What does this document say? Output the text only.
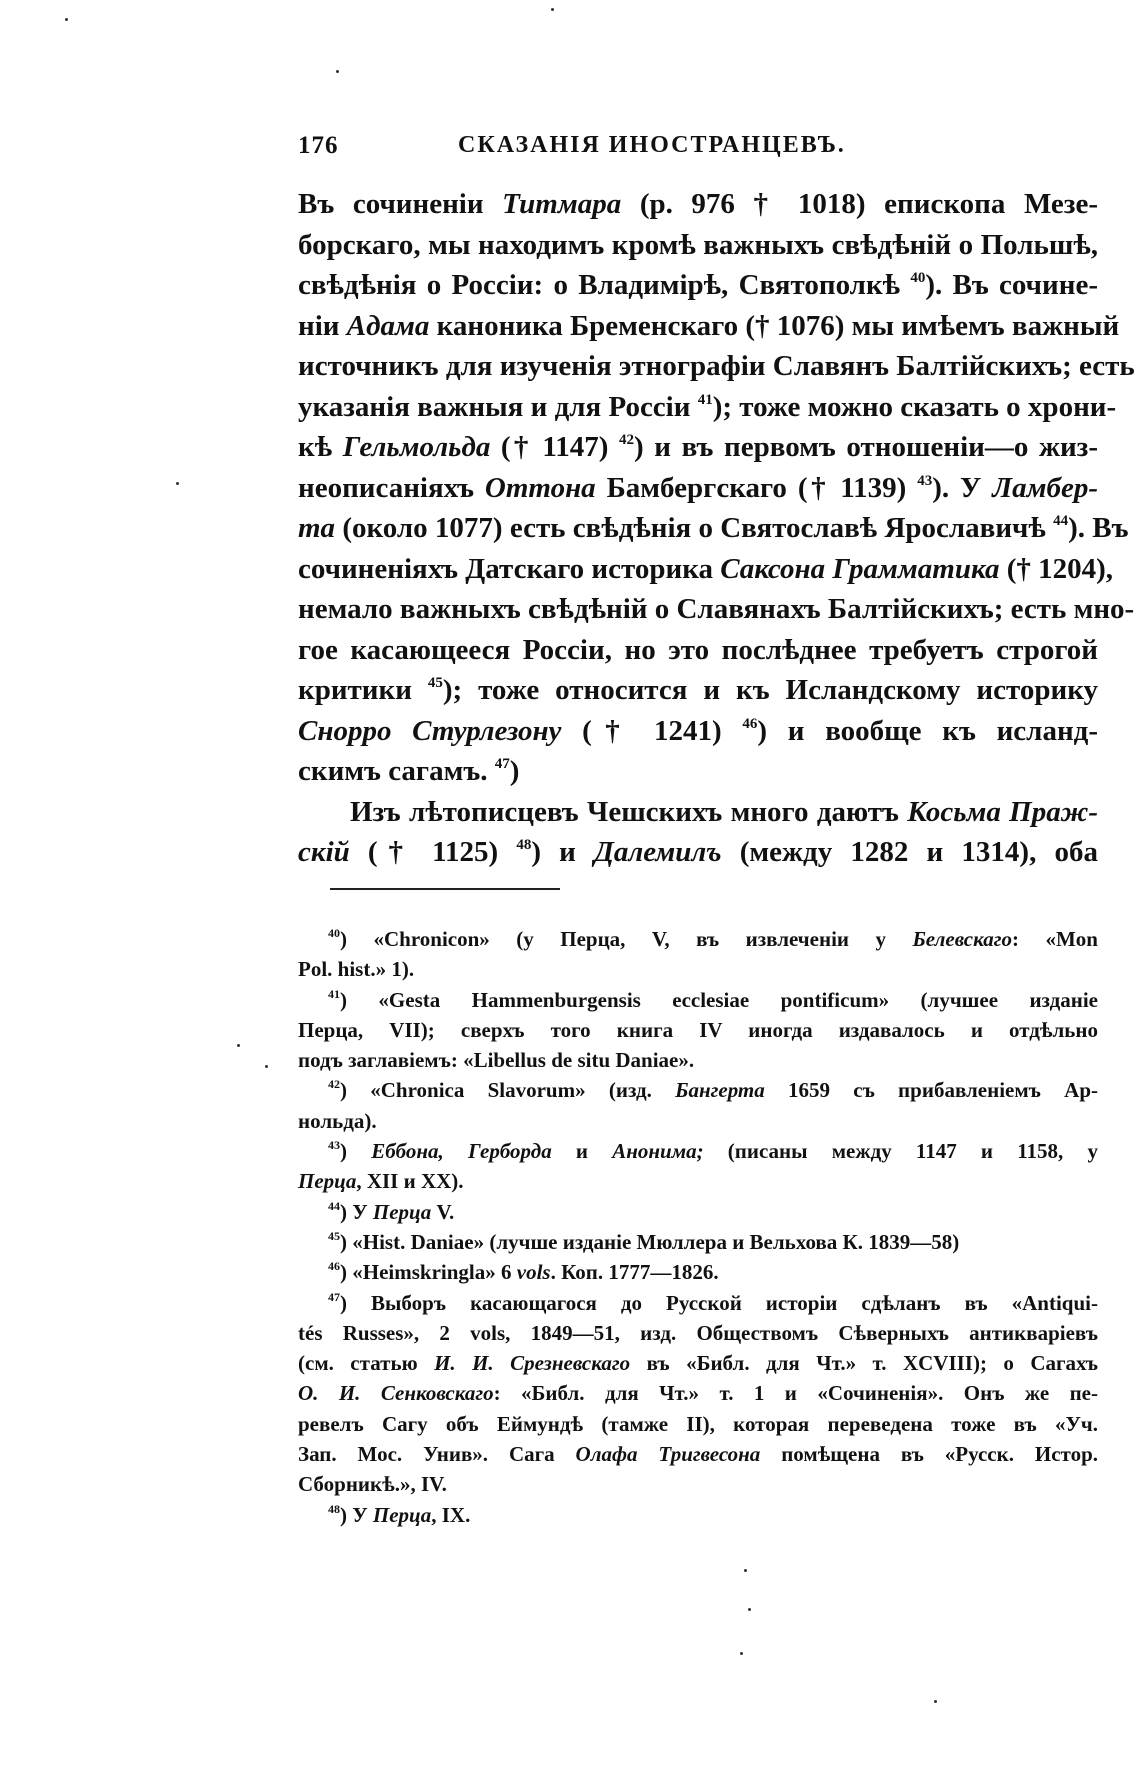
176	СКАЗАНІЯ ИНОСТРАНЦЕВЪ.
Въ сочиненіи Титмара (р. 976 † 1018) епископа Мезе-
борскаго, мы находимъ кромѣ важныхъ свѣдѣній о Польшѣ,
свѣдѣнія о Россіи: о Владимірѣ, Святополкѣ $^{40}$). Въ сочине-
ніи Адама каноника Бременскаго († 1076) мы имѣемъ важный
источникъ для изученія этнографіи Славянъ Балтійскихъ; есть
указанія важныя и для Россіи $^{41}$); тоже можно сказать о хрони-
кѣ Гельмольда († 1147) $^{42}$) и въ первомъ отношеніи—о жиз-
неописаніяхъ Оттона Бамбергскаго († 1139) $^{43}$). У Ламбер-
та (около 1077) есть свѣдѣнія о Святославѣ Ярославичѣ $^{44}$). Въ
сочиненіяхъ Датскаго историка Саксона Грамматика († 1204),
немало важныхъ свѣдѣній о Славянахъ Балтійскихъ; есть мно-
гое касающееся Россіи, но это послѣднее требуетъ строгой
критики $^{45}$); тоже относится и къ Исландскому историку
Снорро Стурлезону († 1241) $^{46}$) и вообще къ исланд-
скимъ сагамъ. $^{47}$)
Изъ лѣтописцевъ Чешскихъ много даютъ Косьма Праж-
скій († 1125) $^{48}$) и Далемилъ (между 1282 и 1314), оба
$^{40}$) «Chronicon» (у Перца, V, въ извлеченіи у Белевскаго: «Mon
Pol. hist.» 1).
$^{41}$) «Gesta Hammenburgensis ecclesiae pontificum» (лучшее изданіе
Перца, VII); сверхъ того книга IV иногда издавалось и отдѣльно
подъ заглавіемъ: «Libellus de situ Daniae».
$^{42}$) «Chronica Slavorum» (изд. Бангерта 1659 съ прибавленіемъ Ар-
нольда).
$^{43}$) Еббона, Герборда и Анонима; (писаны между 1147 и 1158, у
Перца, XII и XX).
$^{44}$) У Перца V.
$^{45}$) «Hist. Daniae» (лучше изданіе Мюллера и Вельхова К. 1839—58)
$^{46}$) «Heimskringla» 6 vols. Коп. 1777—1826.
$^{47}$) Выборъ касающагося до Русской исторіи сдѣланъ въ «Antiqui-
tés Russes», 2 vols, 1849—51, изд. Обществомъ Сѣверныхъ антикваріевъ
(см. статью И. И. Срезневскаго въ «Библ. для Чт.» т. XCVIII); о Сагахъ
О. И. Сенковскаго: «Библ. для Чт.» т. 1 и «Сочиненія». Онъ же пе-
ревелъ Сагу объ Еймундѣ (тамже II), которая переведена тоже въ «Уч.
Зап. Мос. Унив». Сага Олафа Тригвесона помѣщена въ «Русск. Истор.
Сборникѣ.», IV.
$^{48}$) У Перца, IX.
